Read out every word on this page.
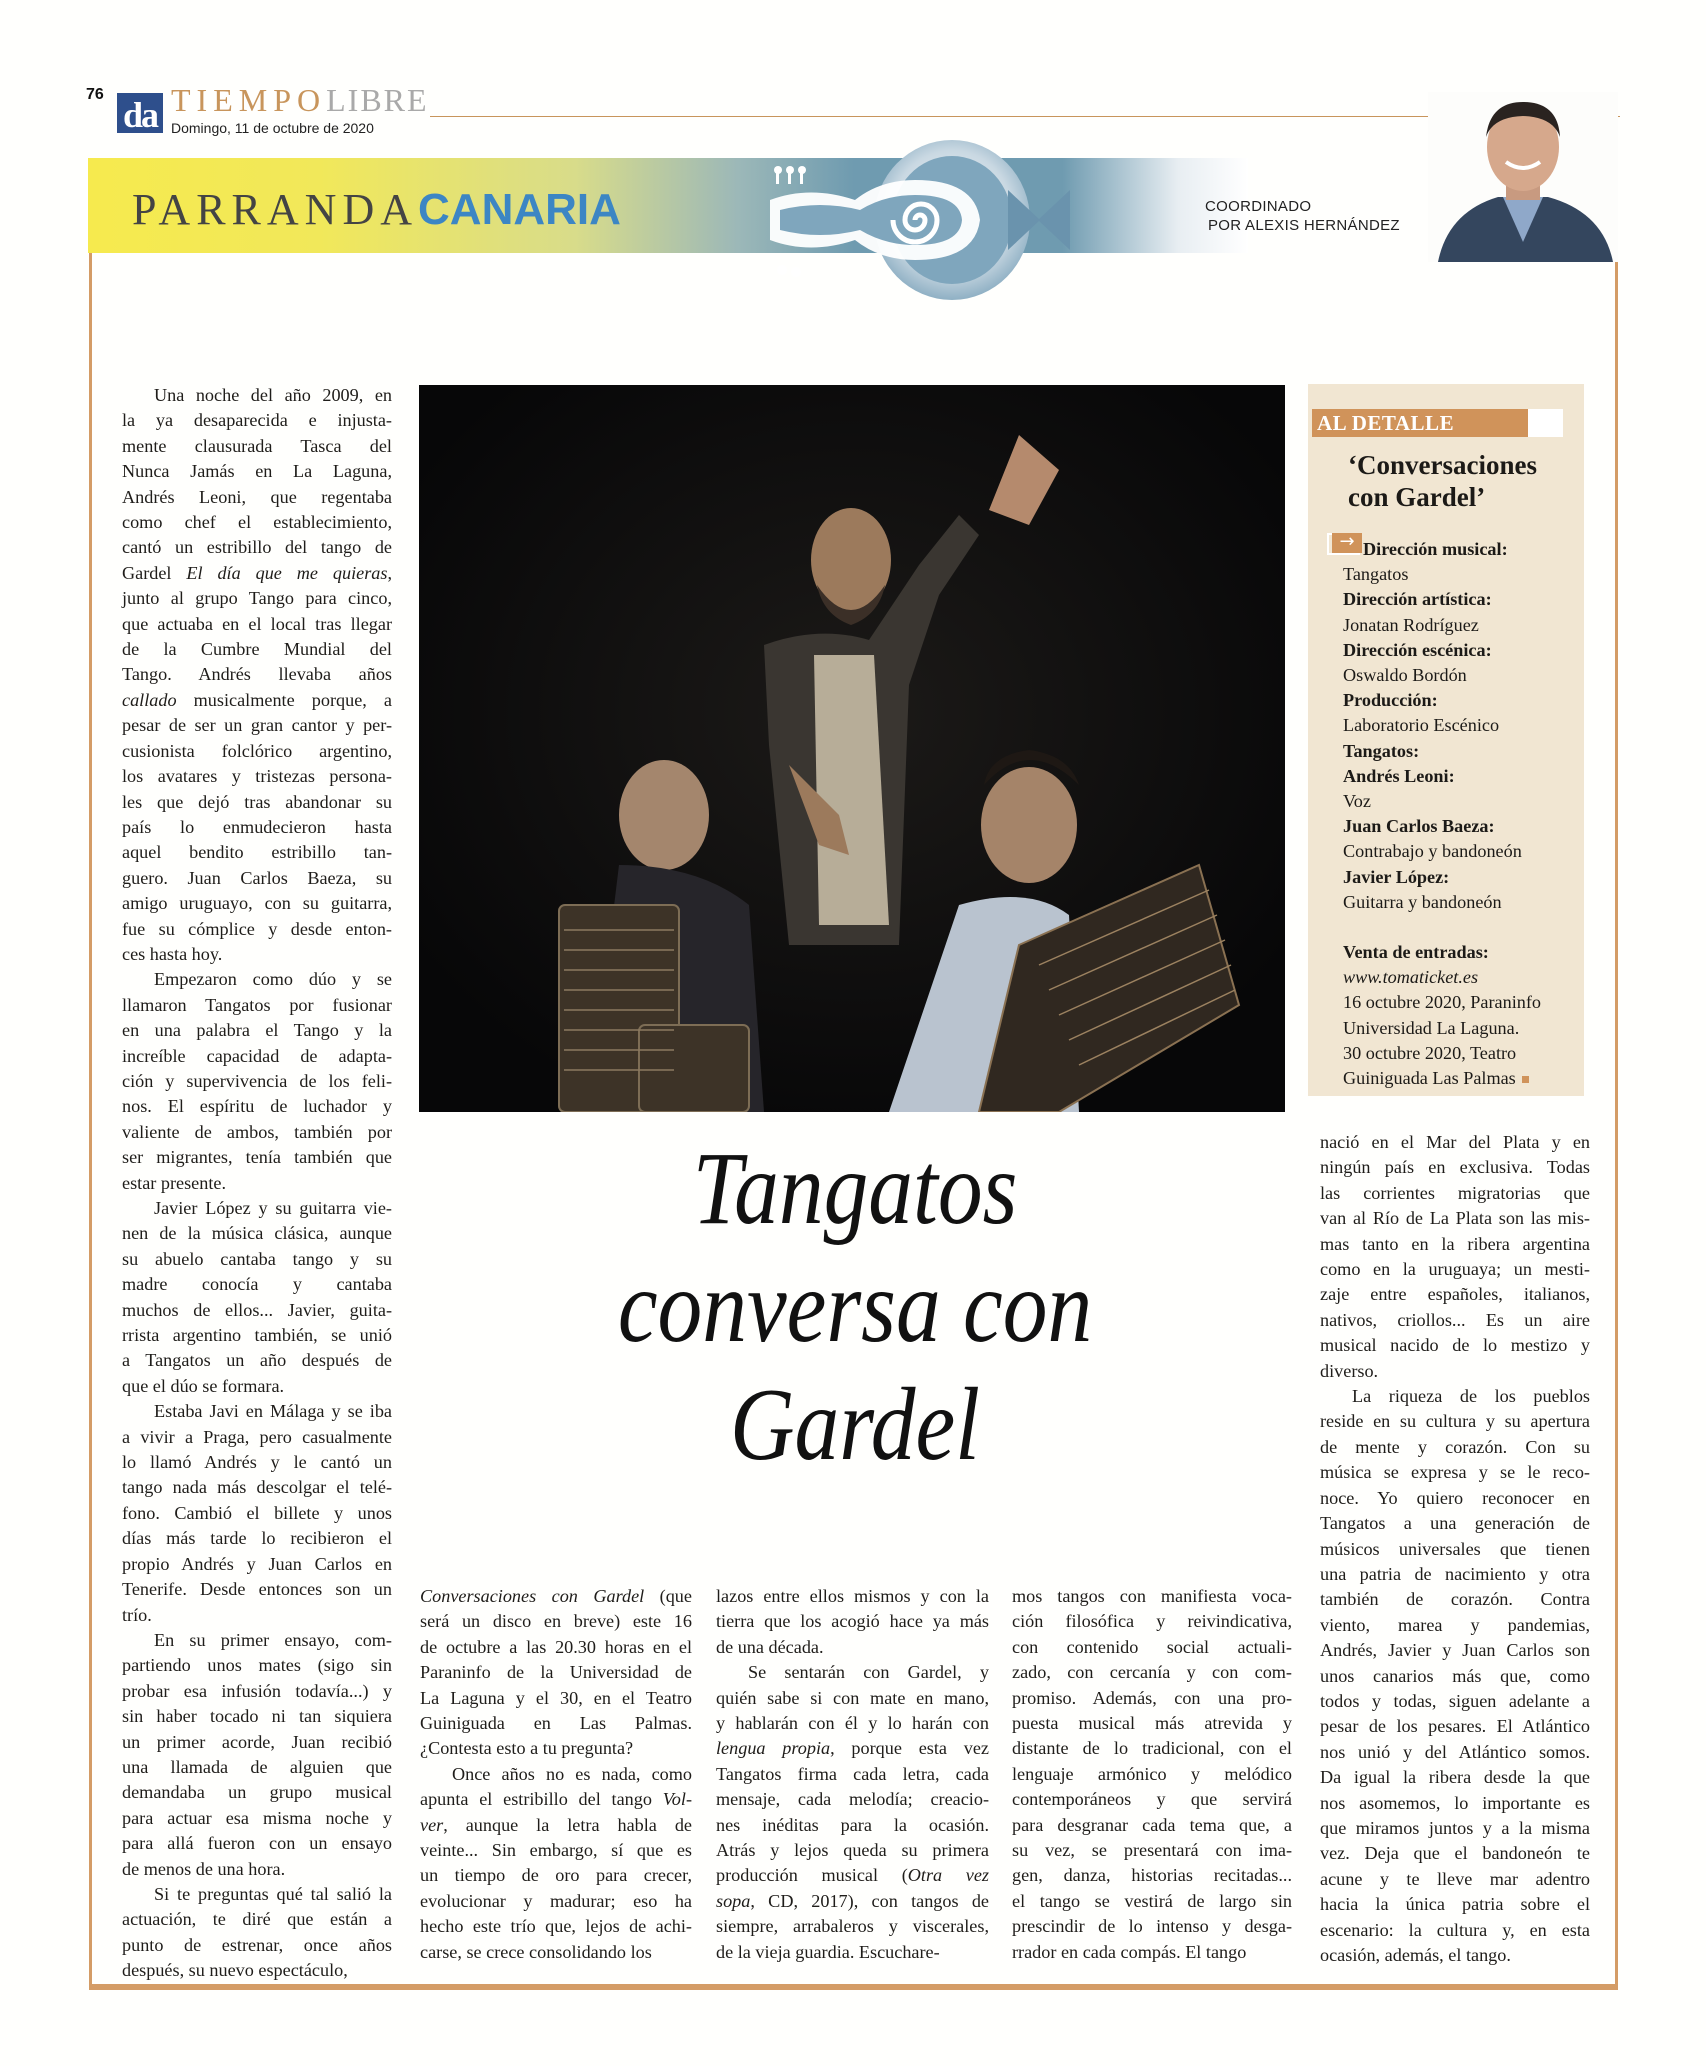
76
da TIEMPOLIBRE
Domingo, 11 de octubre de 2020
PARRANDACANARIA	COORDINADO
POR ALEXIS HERNÁNDEZ

Una noche del año 2009, en
la ya desaparecida e injusta-
mente clausurada Tasca del
Nunca Jamás en La Laguna,
Andrés Leoni, que regentaba
como chef el establecimiento,
cantó un estribillo del tango de
Gardel El día que me quieras,
junto al grupo Tango para cinco,
que actuaba en el local tras llegar
de la Cumbre Mundial del
Tango. Andrés llevaba años
callado musicalmente porque, a
pesar de ser un gran cantor y per-
cusionista folclórico argentino,
los avatares y tristezas persona-
les que dejó tras abandonar su
país lo enmudecieron hasta
aquel bendito estribillo tan-
guero. Juan Carlos Baeza, su
amigo uruguayo, con su guitarra,
fue su cómplice y desde enton-
ces hasta hoy.

Empezaron como dúo y se
llamaron Tangatos por fusionar
en una palabra el Tango y la
increíble capacidad de adapta-
ción y supervivencia de los feli-
nos. El espíritu de luchador y
valiente de ambos, también por
ser migrantes, tenía también que
estar presente.

Javier López y su guitarra vie-
nen de la música clásica, aunque
su abuelo cantaba tango y su
madre conocía y cantaba
muchos de ellos... Javier, guita-
rrista argentino también, se unió
a Tangatos un año después de
que el dúo se formara.

Estaba Javi en Málaga y se iba
a vivir a Praga, pero casualmente
lo llamó Andrés y le cantó un
tango nada más descolgar el telé-
fono. Cambió el billete y unos
días más tarde lo recibieron el
propio Andrés y Juan Carlos en
Tenerife. Desde entonces son un
trío.

En su primer ensayo, com-
partiendo unos mates (sigo sin
probar esa infusión todavía...) y
sin haber tocado ni tan siquiera
un primer acorde, Juan recibió
una llamada de alguien que
demandaba un grupo musical
para actuar esa misma noche y
para allá fueron con un ensayo
de menos de una hora.

Si te preguntas qué tal salió la
actuación, te diré que están a
punto de estrenar, once años
después, su nuevo espectáculo,

Conversaciones con Gardel (que
será un disco en breve) este 16
de octubre a las 20.30 horas en el
Paraninfo de la Universidad de
La Laguna y el 30, en el Teatro
Guiniguada en Las Palmas.
¿Contesta esto a tu pregunta?

Once años no es nada, como
apunta el estribillo del tango Vol-
ver, aunque la letra habla de
veinte... Sin embargo, sí que es
un tiempo de oro para crecer,
evolucionar y madurar; eso ha
hecho este trío que, lejos de achi-
carse, se crece consolidando los

lazos entre ellos mismos y con la
tierra que los acogió hace ya más
de una década.

Se sentarán con Gardel, y
quién sabe si con mate en mano,
y hablarán con él y lo harán con
lengua propia, porque esta vez
Tangatos firma cada letra, cada
mensaje, cada melodía; creacio-
nes inéditas para la ocasión.
Atrás y lejos queda su primera
producción musical (Otra vez
sopa, CD, 2017), con tangos de
siempre, arrabaleros y viscerales,
de la vieja guardia. Escuchare-

mos tangos con manifiesta voca-
ción filosófica y reivindicativa,
con contenido social actuali-
zado, con cercanía y con com-
promiso. Además, con una pro-
puesta musical más atrevida y
distante de lo tradicional, con el
lenguaje armónico y melódico
contemporáneos y que servirá
para desgranar cada tema que, a
su vez, se presentará con ima-
gen, danza, historias recitadas...
el tango se vestirá de largo sin
prescindir de lo intenso y desga-
rrador en cada compás. El tango

nació en el Mar del Plata y en
ningún país en exclusiva. Todas
las corrientes migratorias que
van al Río de La Plata son las mis-
mas tanto en la ribera argentina
como en la uruguaya; un mesti-
zaje entre españoles, italianos,
nativos, criollos... Es un aire
musical nacido de lo mestizo y
diverso.

La riqueza de los pueblos
reside en su cultura y su apertura
de mente y corazón. Con su
música se expresa y se le reco-
noce. Yo quiero reconocer en
Tangatos a una generación de
músicos universales que tienen
una patria de nacimiento y otra
también de corazón. Contra
viento, marea y pandemias,
Andrés, Javier y Juan Carlos son
unos canarios más que, como
todos y todas, siguen adelante a
pesar de los pesares. El Atlántico
nos unió y del Atlántico somos.
Da igual la ribera desde la que
nos asomemos, lo importante es
que miramos juntos y a la misma
vez. Deja que el bandoneón te
acune y te lleve mar adentro
hacia la única patria sobre el
escenario: la cultura y, en esta
ocasión, además, el tango.

Tangatos
conversa con
Gardel
AL DETALLE
‘Conversaciones
con Gardel’
→ Dirección musical:
Tangatos
Dirección artística:
Jonatan Rodríguez
Dirección escénica:
Oswaldo Bordón
Producción:
Laboratorio Escénico
Tangatos:
Andrés Leoni:
Voz
Juan Carlos Baeza:
Contrabajo y bandoneón
Javier López:
Guitarra y bandoneón
Venta de entradas:
www.tomaticket.es
16 octubre 2020, Paraninfo
Universidad La Laguna.
30 octubre 2020, Teatro
Guiniguada Las Palmas
